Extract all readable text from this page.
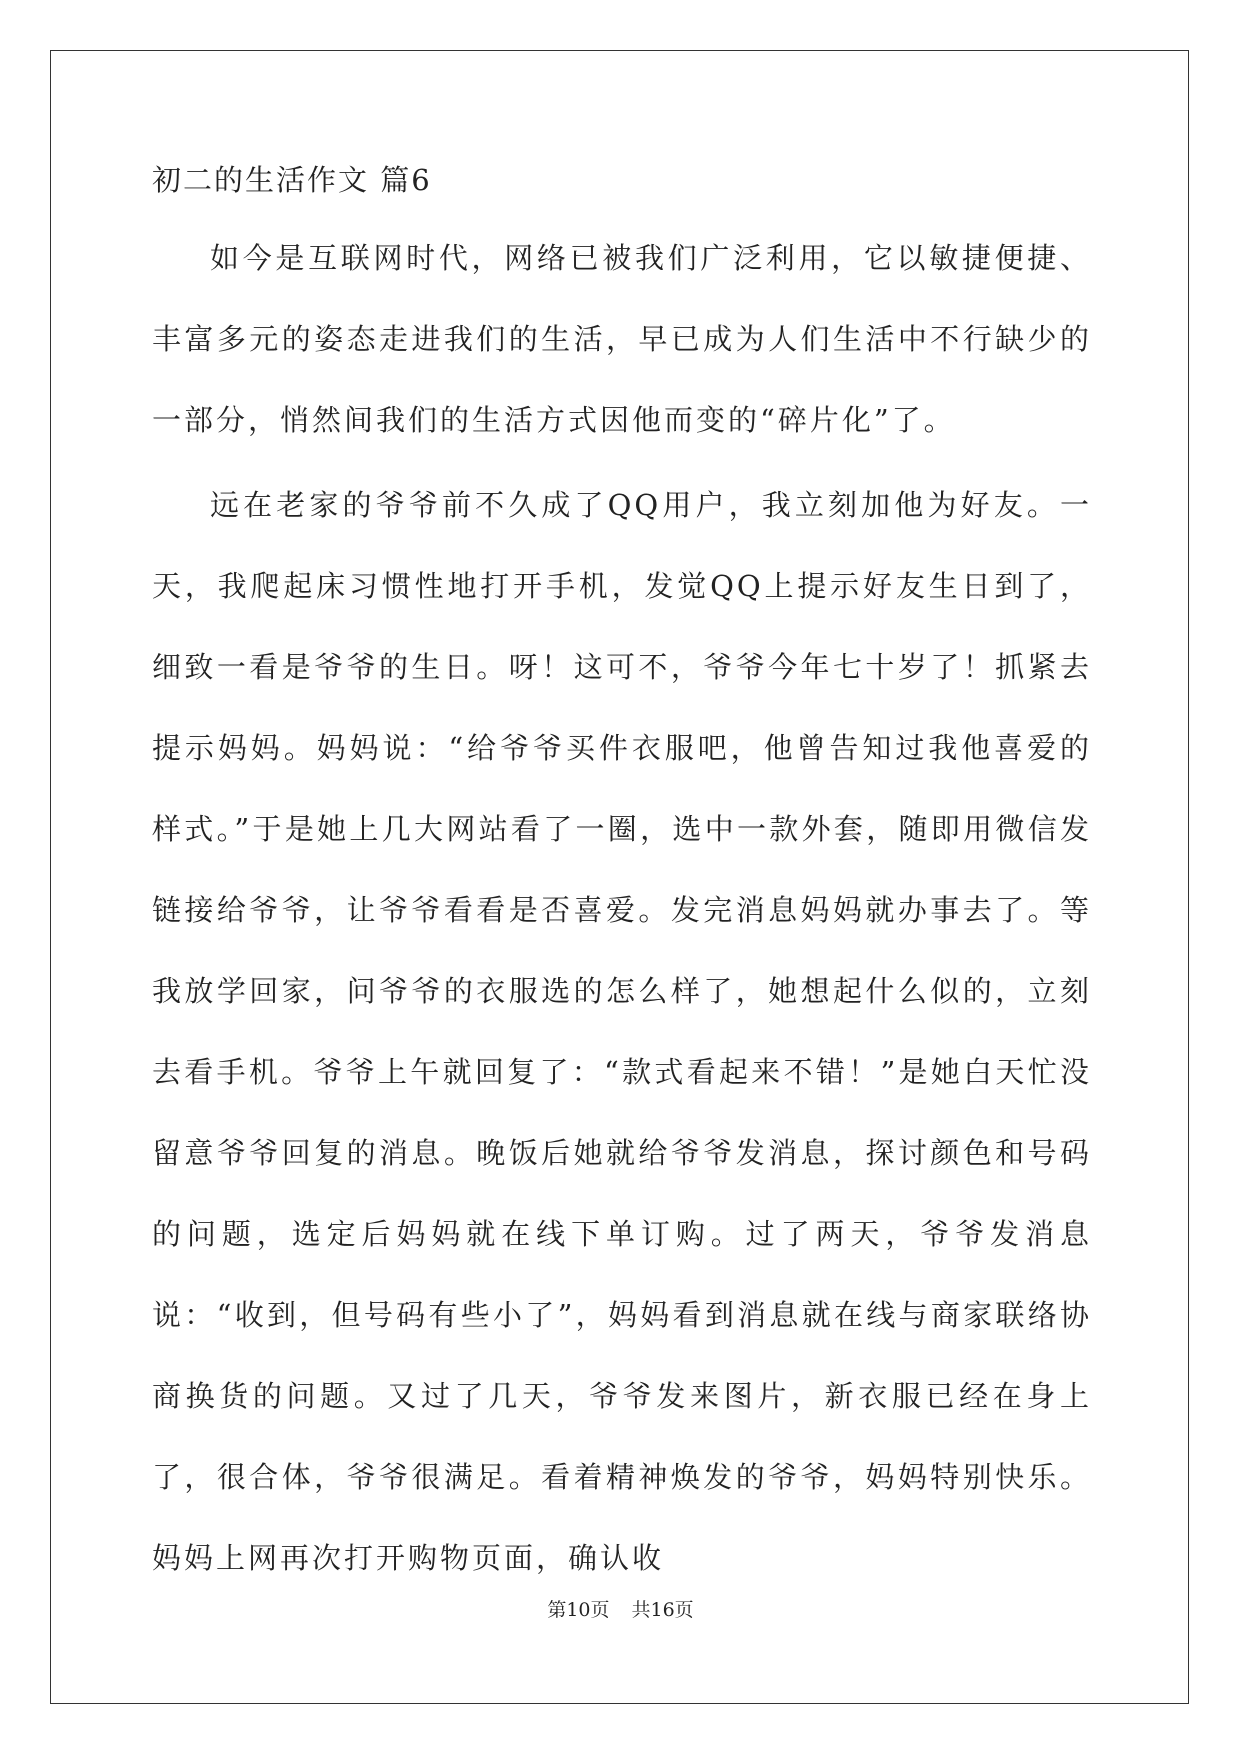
初二的生活作文 篇6

如今是互联网时代，网络已被我们广泛利用，它以敏捷便捷、丰富多元的姿态走进我们的生活，早已成为人们生活中不行缺少的一部分，悄然间我们的生活方式因他而变的“碎片化”了。

远在老家的爷爷前不久成了QQ用户，我立刻加他为好友。一天，我爬起床习惯性地打开手机，发觉QQ上提示好友生日到了，细致一看是爷爷的生日。呀！这可不，爷爷今年七十岁了！抓紧去提示妈妈。妈妈说：“给爷爷买件衣服吧，他曾告知过我他喜爱的样式。”于是她上几大网站看了一圈，选中一款外套，随即用微信发链接给爷爷，让爷爷看看是否喜爱。发完消息妈妈就办事去了。等我放学回家，问爷爷的衣服选的怎么样了，她想起什么似的，立刻去看手机。爷爷上午就回复了：“款式看起来不错！”是她白天忙没留意爷爷回复的消息。晚饭后她就给爷爷发消息，探讨颜色和号码的问题，选定后妈妈就在线下单订购。过了两天，爷爷发消息说：“收到，但号码有些小了”，妈妈看到消息就在线与商家联络协商换货的问题。又过了几天，爷爷发来图片，新衣服已经在身上了，很合体，爷爷很满足。看着精神焕发的爷爷，妈妈特别快乐。妈妈上网再次打开购物页面，确认收

第10页 共16页
